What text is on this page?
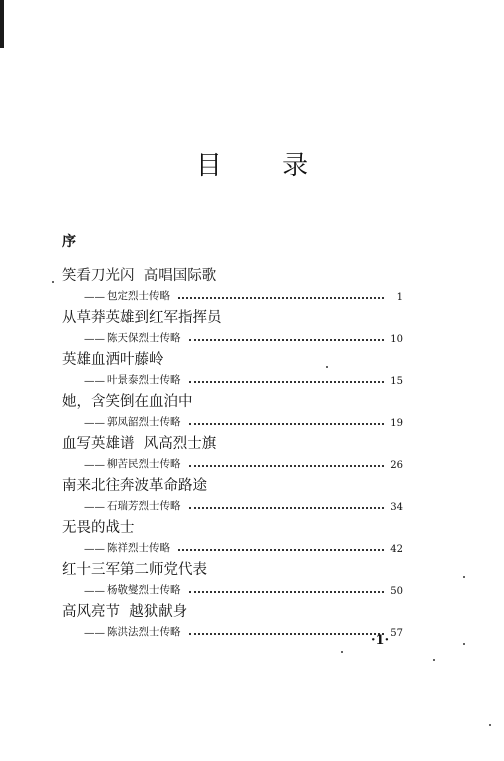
目 录
序
笑看刀光闪  高唱国际歌
—— 包定烈士传略	1
从草莽英雄到红军指挥员
—— 陈天保烈士传略	10
英雄血洒叶藤岭
—— 叶景泰烈士传略	15
她，含笑倒在血泊中
—— 郭凤韶烈士传略	19
血写英雄谱  风高烈士旗
—— 柳苦民烈士传略	26
南来北往奔波革命路途
—— 石瑞芳烈士传略	34
无畏的战士
—— 陈祥烈士传略	42
红十三军第二师党代表
—— 杨敬燮烈士传略	50
高风亮节  越狱献身
—— 陈洪法烈士传略	57
·1·
